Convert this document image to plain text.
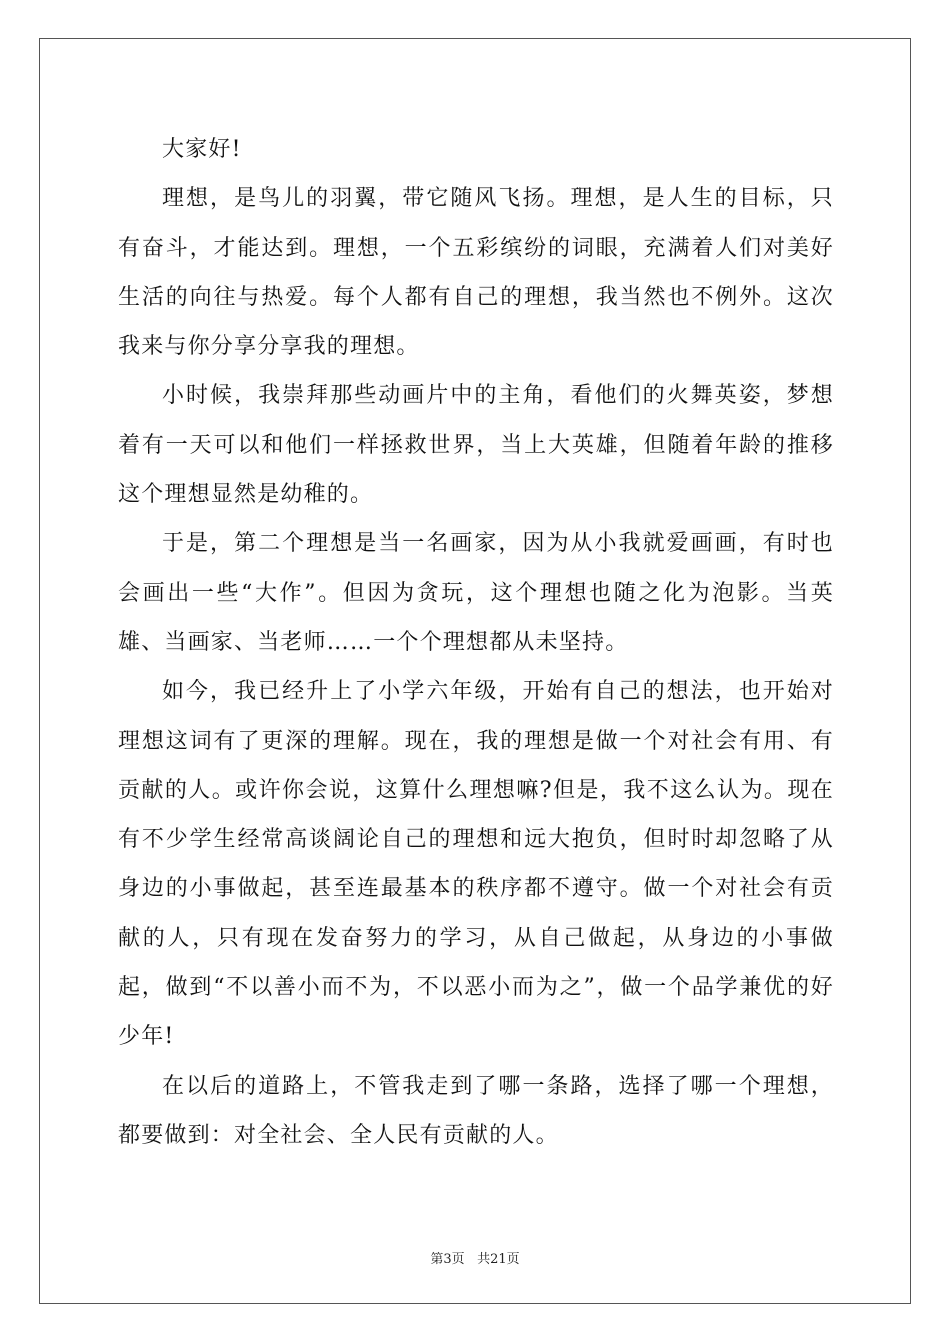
大家好!

理想，是鸟儿的羽翼，带它随风飞扬。理想，是人生的目标，只有奋斗，才能达到。理想，一个五彩缤纷的词眼，充满着人们对美好生活的向往与热爱。每个人都有自己的理想，我当然也不例外。这次我来与你分享分享我的理想。

小时候，我崇拜那些动画片中的主角，看他们的火舞英姿，梦想着有一天可以和他们一样拯救世界，当上大英雄，但随着年龄的推移这个理想显然是幼稚的。

于是，第二个理想是当一名画家，因为从小我就爱画画，有时也会画出一些“大作”。但因为贪玩，这个理想也随之化为泡影。当英雄、当画家、当老师……一个个理想都从未坚持。

如今，我已经升上了小学六年级，开始有自己的想法，也开始对理想这词有了更深的理解。现在，我的理想是做一个对社会有用、有贡献的人。或许你会说，这算什么理想嘛?但是，我不这么认为。现在有不少学生经常高谈阔论自己的理想和远大抱负，但时时却忽略了从身边的小事做起，甚至连最基本的秩序都不遵守。做一个对社会有贡献的人，只有现在发奋努力的学习，从自己做起，从身边的小事做起，做到“不以善小而不为，不以恶小而为之”，做一个品学兼优的好少年!

在以后的道路上，不管我走到了哪一条路，选择了哪一个理想，都要做到：对全社会、全人民有贡献的人。

第3页 共21页
